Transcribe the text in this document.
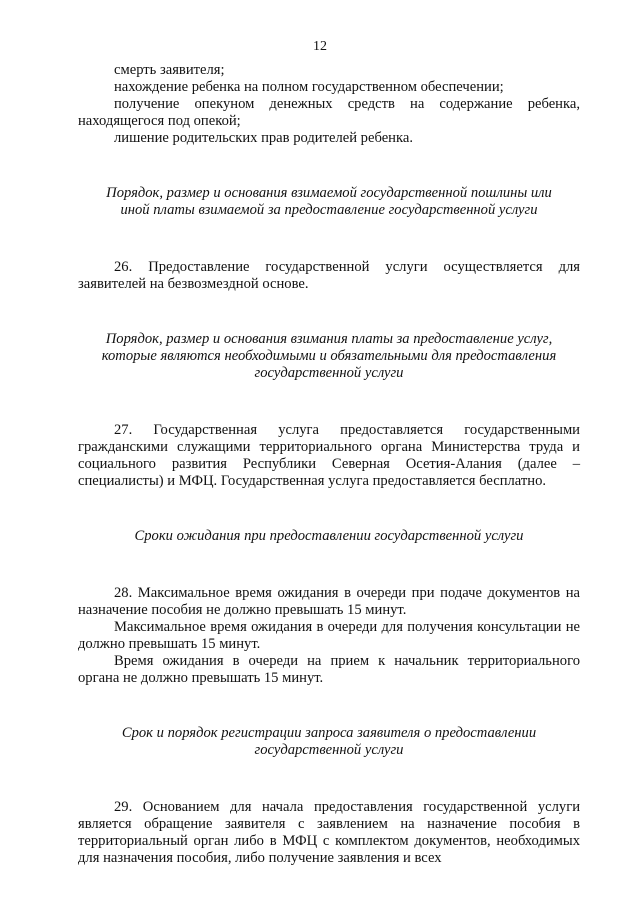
12

смерть заявителя;

нахождение ребенка на полном государственном обеспечении;

получение опекуном денежных средств на содержание ребенка, находящегося под опекой;

лишение родительских прав родителей ребенка.

Порядок, размер и основания взимаемой государственной пошлины или иной платы взимаемой за предоставление государственной услуги

26. Предоставление государственной услуги осуществляется для заявителей на безвозмездной основе.

Порядок, размер и основания взимания платы за предоставление услуг, которые являются необходимыми и обязательными для предоставления государственной услуги

27. Государственная услуга предоставляется государственными гражданскими служащими территориального органа Министерства труда и социального развития Республики Северная Осетия-Алания (далее – специалисты) и МФЦ. Государственная услуга предоставляется бесплатно.

Сроки ожидания при предоставлении государственной услуги

28. Максимальное время ожидания в очереди при подаче документов на назначение пособия не должно превышать 15 минут.

Максимальное время ожидания в очереди для получения консультации не должно превышать 15 минут.

Время ожидания в очереди на прием к начальник территориального органа не должно превышать 15 минут.

Срок и порядок регистрации запроса заявителя о предоставлении государственной услуги

29. Основанием для начала предоставления государственной услуги является обращение заявителя с заявлением на назначение пособия в территориальный орган либо в МФЦ с комплектом документов, необходимых для назначения пособия, либо получение заявления и всех
